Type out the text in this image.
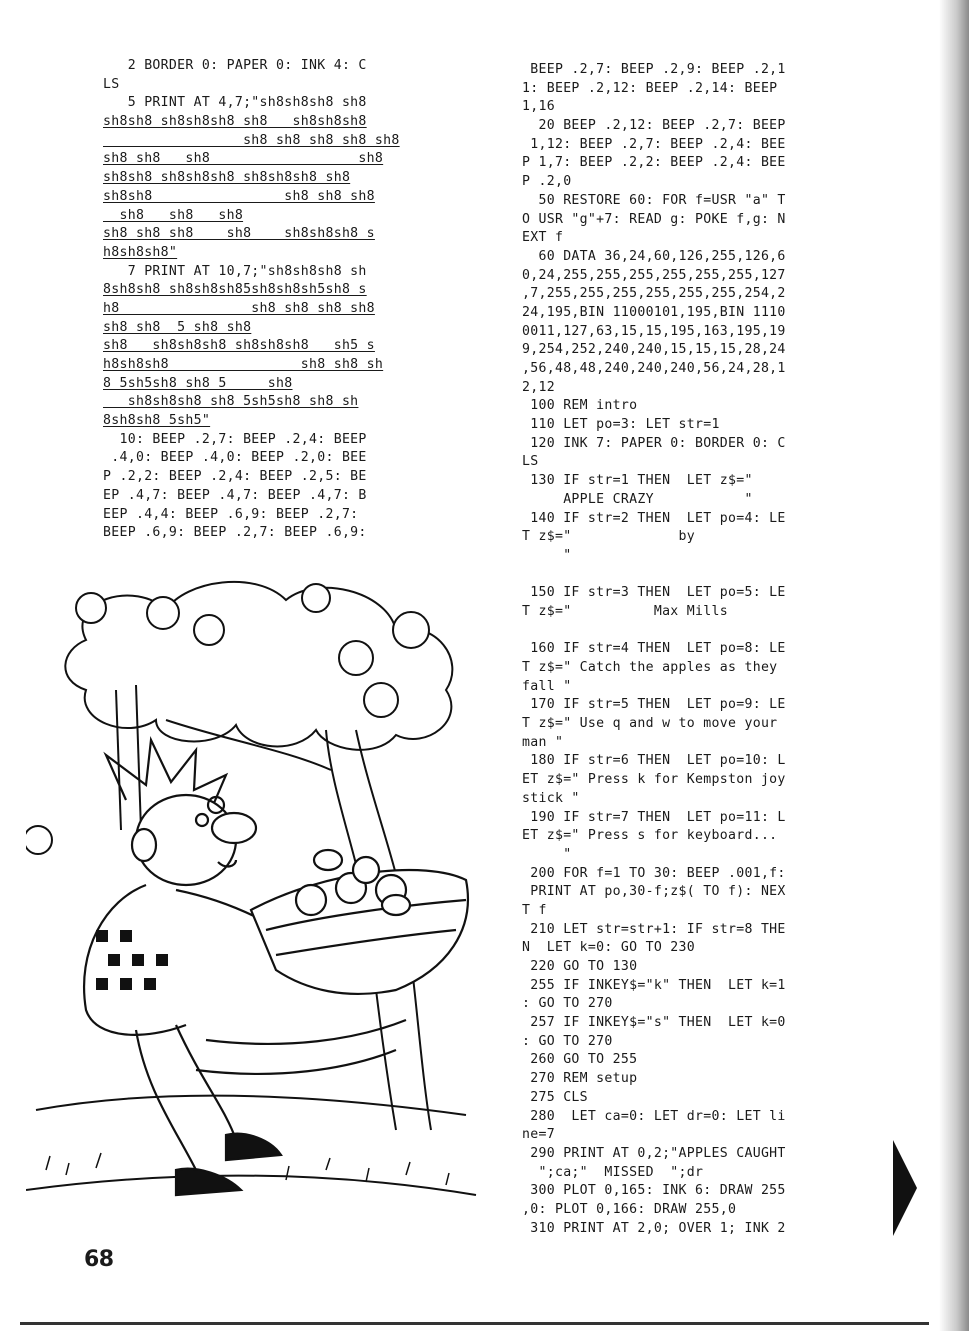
2 BORDER 0: PAPER 0: INK 4: C
LS
5 PRINT AT 4,7;"sh8sh8sh8 sh8
sh8sh8 sh8sh8sh8 sh8   sh8sh8sh8
sh8 sh8 sh8 sh8 sh8
sh8 sh8   sh8                  sh8
sh8sh8 sh8sh8sh8 sh8sh8sh8 sh8
sh8sh8                sh8 sh8 sh8
sh8   sh8   sh8
sh8 sh8 sh8    sh8    sh8sh8sh8 s
h8sh8sh8"
7 PRINT AT 10,7;"sh8sh8sh8 sh
8sh8sh8 sh8sh8sh85sh8sh8sh5sh8 s
h8                sh8 sh8 sh8 sh8
sh8 sh8  5 sh8 sh8
sh8   sh8sh8sh8 sh8sh8sh8   sh5 s
h8sh8sh8                sh8 sh8 sh
8 5sh5sh8 sh8 5     sh8
sh8sh8sh8 sh8 5sh5sh8 sh8 sh
8sh8sh8 5sh5"
10: BEEP .2,7: BEEP .2,4: BEEP
.4,0: BEEP .4,0: BEEP .2,0: BEE
P .2,2: BEEP .2,4: BEEP .2,5: BE
EP .4,7: BEEP .4,7: BEEP .4,7: B
EEP .4,4: BEEP .6,9: BEEP .2,7:
BEEP .6,9: BEEP .2,7: BEEP .6,9:
BEEP .2,7: BEEP .2,9: BEEP .2,1
1: BEEP .2,12: BEEP .2,14: BEEP
1,16
20 BEEP .2,12: BEEP .2,7: BEEP
1,12: BEEP .2,7: BEEP .2,4: BEE
P 1,7: BEEP .2,2: BEEP .2,4: BEE
P .2,0
50 RESTORE 60: FOR f=USR "a" T
O USR "g"+7: READ g: POKE f,g: N
EXT f
60 DATA 36,24,60,126,255,126,6
0,24,255,255,255,255,255,255,127
,7,255,255,255,255,255,255,254,2
24,195,BIN 11000101,195,BIN 1110
0011,127,63,15,15,195,163,195,19
9,254,252,240,240,15,15,15,28,24
,56,48,48,240,240,240,56,24,28,1
2,12
100 REM intro
110 LET po=3: LET str=1
120 INK 7: PAPER 0: BORDER 0: C
LS
130 IF str=1 THEN  LET z$="
APPLE CRAZY           "
140 IF str=2 THEN  LET po=4: LE
T z$="             by
"
150 IF str=3 THEN  LET po=5: LE
T z$="          Max Mills
160 IF str=4 THEN  LET po=8: LE
T z$=" Catch the apples as they
fall "
170 IF str=5 THEN  LET po=9: LE
T z$=" Use q and w to move your
man "
180 IF str=6 THEN  LET po=10: L
ET z$=" Press k for Kempston joy
stick "
190 IF str=7 THEN  LET po=11: L
ET z$=" Press s for keyboard...
"
200 FOR f=1 TO 30: BEEP .001,f:
PRINT AT po,30-f;z$( TO f): NEX
T f
210 LET str=str+1: IF str=8 THE
N  LET k=0: GO TO 230
220 GO TO 130
255 IF INKEY$="k" THEN  LET k=1
: GO TO 270
257 IF INKEY$="s" THEN  LET k=0
: GO TO 270
260 GO TO 255
270 REM setup
275 CLS
280  LET ca=0: LET dr=0: LET li
ne=7
290 PRINT AT 0,2;"APPLES CAUGHT
";ca;"  MISSED  ";dr
300 PLOT 0,165: INK 6: DRAW 255
,0: PLOT 0,166: DRAW 255,0
310 PRINT AT 2,0; OVER 1; INK 2
68
